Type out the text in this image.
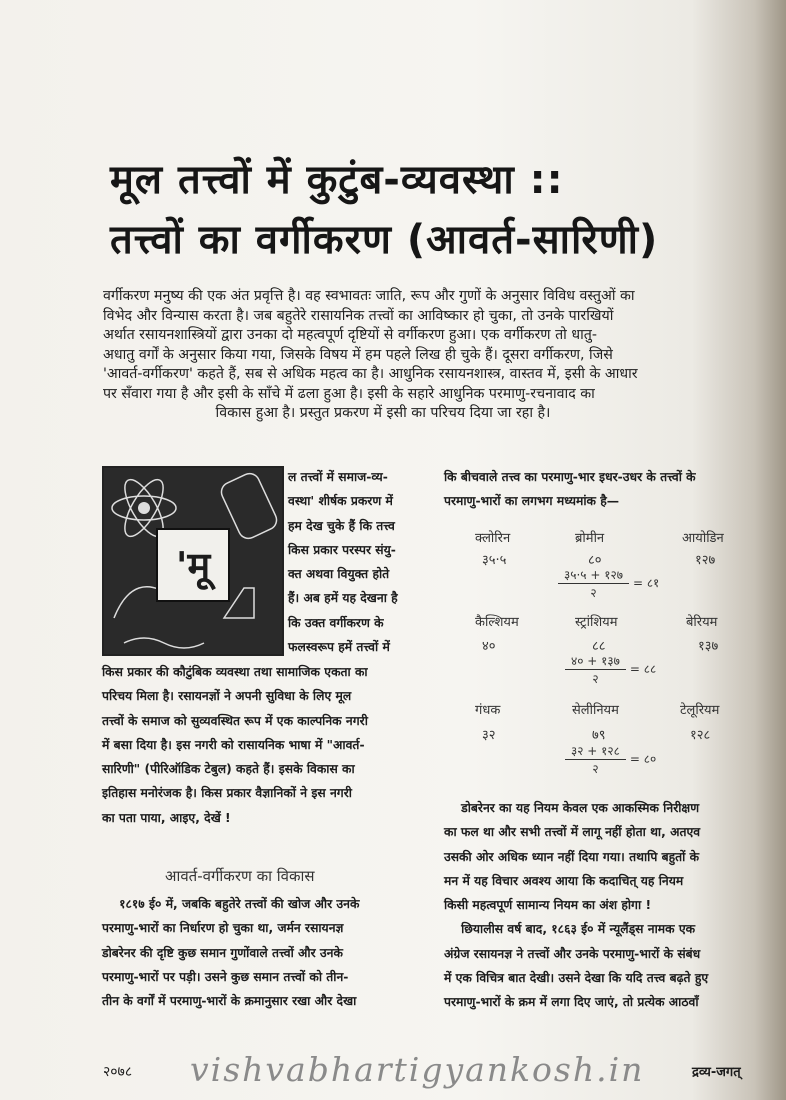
मूल तत्त्वों में कुटुंब-व्यवस्था ::
तत्त्वों का वर्गीकरण (आवर्त-सारिणी)
वर्गीकरण मनुष्य की एक अंत प्रवृत्ति है। वह स्वभावतः जाति, रूप और गुणों के अनुसार विविध वस्तुओं का
विभेद और विन्यास करता है। जब बहुतेरे रासायनिक तत्त्वों का आविष्कार हो चुका, तो उनके पारखियों
अर्थात रसायनशास्त्रियों द्वारा उनका दो महत्वपूर्ण दृष्टियों से वर्गीकरण हुआ। एक वर्गीकरण तो धातु-
अधातु वर्गों के अनुसार किया गया, जिसके विषय में हम पहले लिख ही चुके हैं। दूसरा वर्गीकरण, जिसे
'आवर्त-वर्गीकरण' कहते हैं, सब से अधिक महत्व का है। आधुनिक रसायनशास्त्र, वास्तव में, इसी के आधार
पर सँवारा गया है और इसी के साँचे में ढला हुआ है। इसी के सहारे आधुनिक परमाणु-रचनावाद का
विकास हुआ है। प्रस्तुत प्रकरण में इसी का परिचय दिया जा रहा है।
'मू
ल तत्त्वों में समाज-व्य-
वस्था' शीर्षक प्रकरण में
हम देख चुके हैं कि तत्त्व
किस प्रकार परस्पर संयु-
क्त अथवा वियुक्त होते
हैं। अब हमें यह देखना है
कि उक्त वर्गीकरण के
फलस्वरूप हमें तत्त्वों में
किस प्रकार की कौटुंबिक व्यवस्था तथा सामाजिक एकता का
परिचय मिला है। रसायनज्ञों ने अपनी सुविधा के लिए मूल
तत्त्वों के समाज को सुव्यवस्थित रूप में एक काल्पनिक नगरी
में बसा दिया है। इस नगरी को रासायनिक भाषा में "आवर्त-
सारिणी" (पीरिऑडिक टेबुल) कहते हैं। इसके विकास का
इतिहास मनोरंजक है। किस प्रकार वैज्ञानिकों ने इस नगरी
का पता पाया, आइए, देखें !
आवर्त-वर्गीकरण का विकास
१८१७ ई० में, जबकि बहुतेरे तत्त्वों की खोज और उनके
परमाणु-भारों का निर्धारण हो चुका था, जर्मन रसायनज्ञ
डोबरेनर की दृष्टि कुछ समान गुणोंवाले तत्त्वों और उनके
परमाणु-भारों पर पड़ी। उसने कुछ समान तत्त्वों को तीन-
तीन के वर्गों में परमाणु-भारों के क्रमानुसार रखा और देखा
कि बीचवाले तत्त्व का परमाणु-भार इधर-उधर के तत्त्वों के
परमाणु-भारों का लगभग मध्यमांक है—
क्लोरिन	ब्रोमीन	आयोडिन
३५·५	८०	१२७
३५·५ + १२७
२
= ८१
कैल्शियम	स्ट्रांशियम	बेरियम
४०	८८	१३७
४० + १३७
२
= ८८
गंधक	सेलीनियम	टेलूरियम
३२	७९	१२८
३२ + १२८
२
= ८०
डोबरेनर का यह नियम केवल एक आकस्मिक निरीक्षण
का फल था और सभी तत्त्वों में लागू नहीं होता था, अतएव
उसकी ओर अधिक ध्यान नहीं दिया गया। तथापि बहुतों के
मन में यह विचार अवश्य आया कि कदाचित् यह नियम
किसी महत्वपूर्ण सामान्य नियम का अंश होगा !
छियालीस वर्ष बाद, १८६३ ई० में न्यूलैंड्स नामक एक
अंग्रेज रसायनज्ञ ने तत्त्वों और उनके परमाणु-भारों के संबंध
में एक विचित्र बात देखी। उसने देखा कि यदि तत्त्व बढ़ते हुए
परमाणु-भारों के क्रम में लगा दिए जाएं, तो प्रत्येक आठवाँ
२०७८ vishvabhartigyankosh.in	द्रव्य-जगत्
